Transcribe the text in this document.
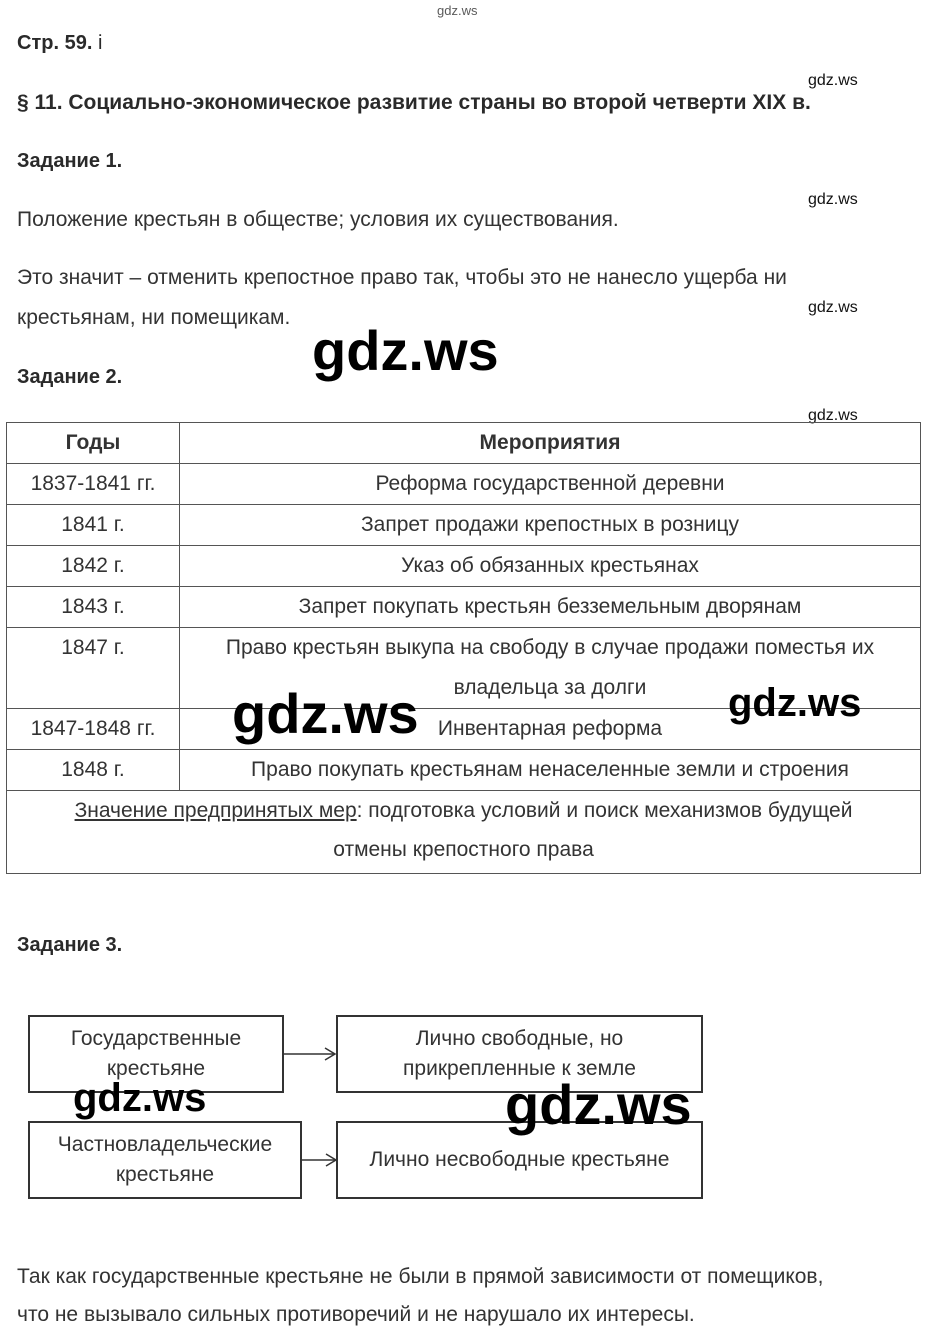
gdz.ws
Стр. 59. і
gdz.ws
§ 11. Социально-экономическое развитие страны во второй четверти XIX в.
Задание 1.
gdz.ws
Положение крестьян в обществе; условия их существования.
Это значит – отменить крепостное право так, чтобы это не нанесло ущерба ни
крестьянам, ни помещикам.	gdz.ws
gdz.ws
Задание 2.
gdz.ws
Годы	Мероприятия
1837-1841 гг.	Реформа государственной деревни
1841 г.	Запрет продажи крепостных в розницу
1842 г.	Указ об обязанных крестьянах
1843 г.	Запрет покупать крестьян безземельным дворянам
1847 г.	Право крестьян выкупа на свободу в случае продажи поместья их владельца за долги
1847-1848 гг.	Инвентарная реформа
1848 г.	Право покупать крестьянам ненаселенные земли и строения
Значение предпринятых мер: подготовка условий и поиск механизмов будущей отмены крепостного права	
gdz.ws	gdz.ws
Задание 3.
Государственные крестьяне
Лично свободные, но прикрепленные к земле
Частновладельческие крестьяне
Лично несвободные крестьяне
gdz.ws	gdz.ws
Так как государственные крестьяне не были в прямой зависимости от помещиков,
что не вызывало сильных противоречий и не нарушало их интересы.
